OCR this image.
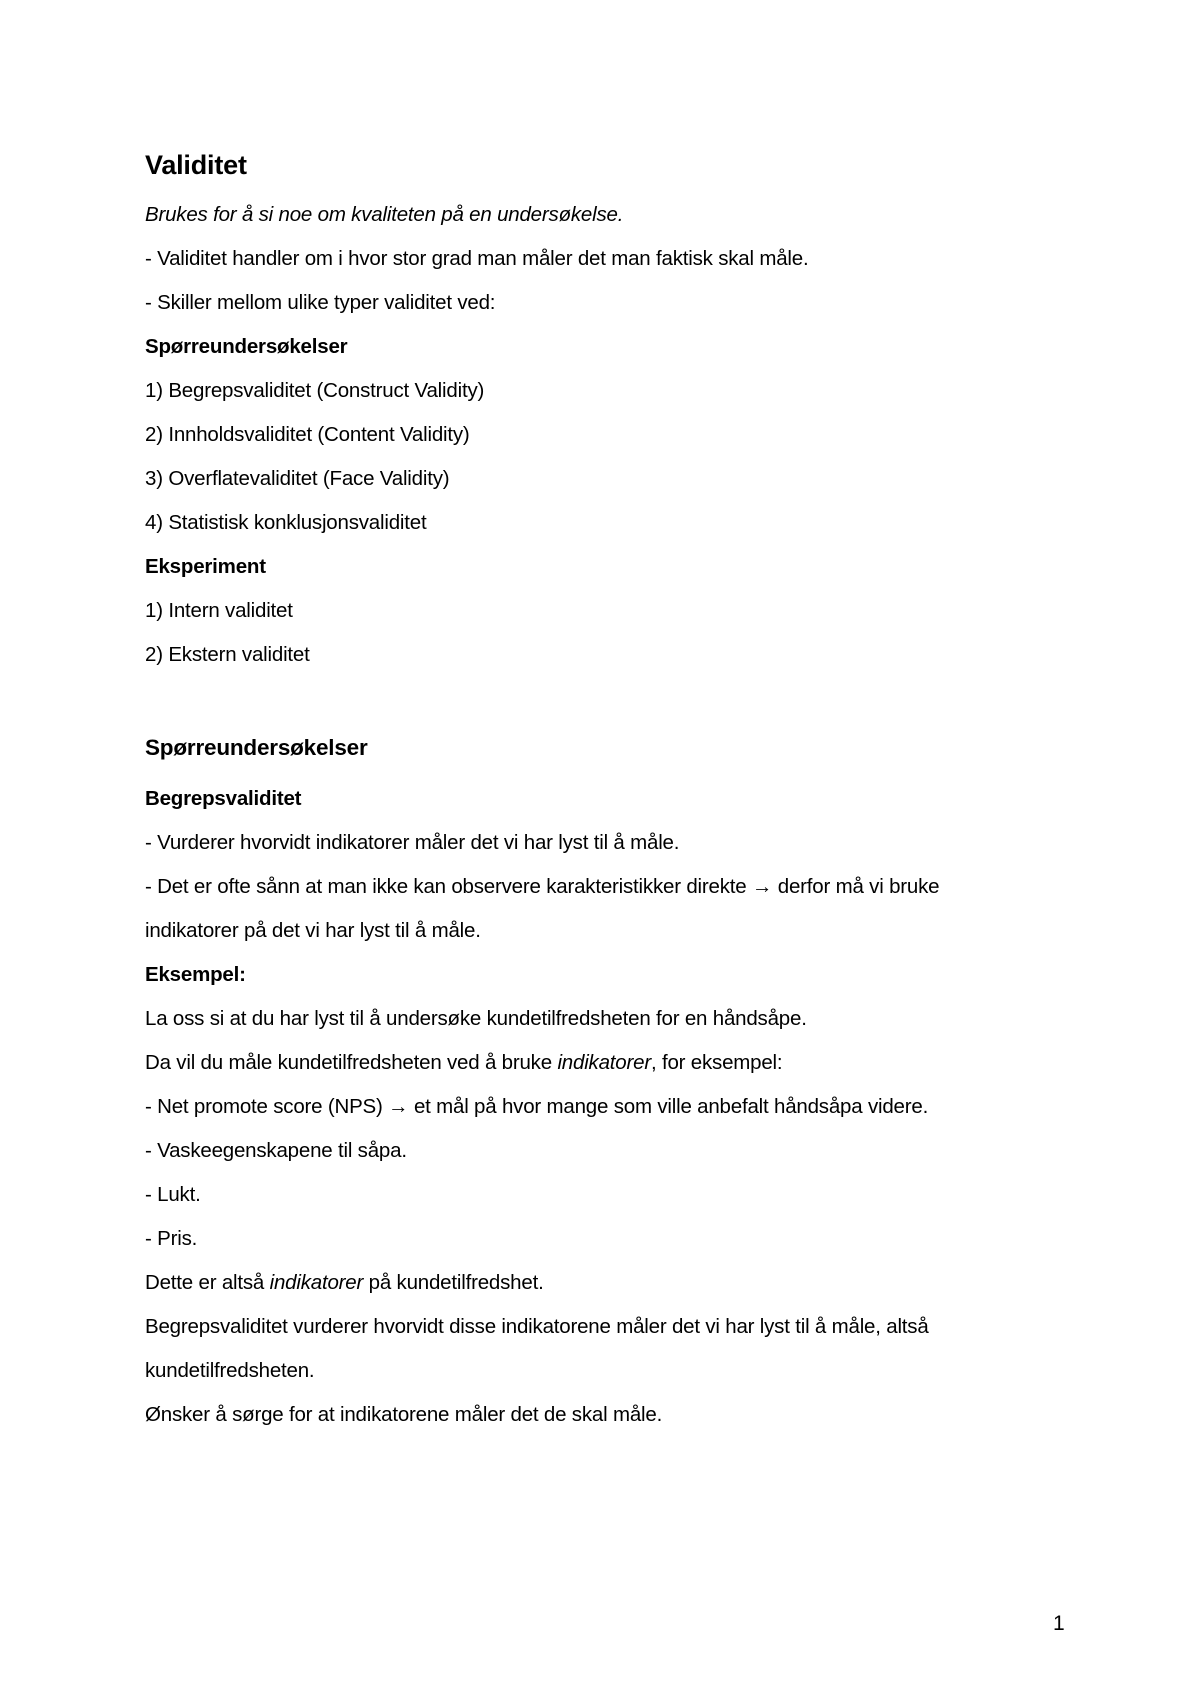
Validitet
Brukes for å si noe om kvaliteten på en undersøkelse.
- Validitet handler om i hvor stor grad man måler det man faktisk skal måle.
- Skiller mellom ulike typer validitet ved:
Spørreundersøkelser
1) Begrepsvaliditet (Construct Validity)
2) Innholdsvaliditet (Content Validity)
3) Overflatevaliditet (Face Validity)
4) Statistisk konklusjonsvaliditet
Eksperiment
1) Intern validitet
2) Ekstern validitet
Spørreundersøkelser
Begrepsvaliditet
- Vurderer hvorvidt indikatorer måler det vi har lyst til å måle.
- Det er ofte sånn at man ikke kan observere karakteristikker direkte → derfor må vi bruke
indikatorer på det vi har lyst til å måle.
Eksempel:
La oss si at du har lyst til å undersøke kundetilfredsheten for en håndsåpe.
Da vil du måle kundetilfredsheten ved å bruke indikatorer, for eksempel:
- Net promote score (NPS) → et mål på hvor mange som ville anbefalt håndsåpa videre.
- Vaskeegenskapene til såpa.
- Lukt.
- Pris.
Dette er altså indikatorer på kundetilfredshet.
Begrepsvaliditet vurderer hvorvidt disse indikatorene måler det vi har lyst til å måle, altså
kundetilfredsheten.
Ønsker å sørge for at indikatorene måler det de skal måle.
1
